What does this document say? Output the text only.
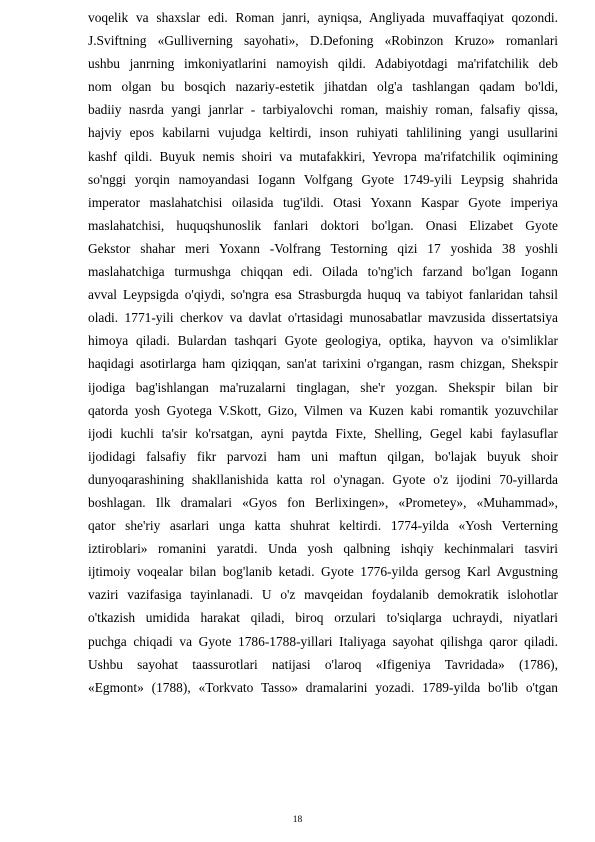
voqelik va shaxslar edi. Roman janri, ayniqsa, Angliyada muvaffaqiyat qozondi.
J.Sviftning «Gulliverning sayohati», D.Defoning «Robinzon Kruzo» romanlari
ushbu janrning imkoniyatlarini namoyish qildi. Adabiyotdagi ma'rifatchilik deb
nom olgan bu bosqich nazariy-estetik jihatdan olg'a tashlangan qadam bo'ldi,
badiiy nasrda yangi janrlar - tarbiyalovchi roman, maishiy roman, falsafiy qissa,
hajviy epos kabilarni vujudga keltirdi, inson ruhiyati tahlilining yangi usullarini
kashf qildi. Buyuk nemis shoiri va mutafakkiri, Yevropa ma'rifatchilik oqimining
so'nggi yorqin namoyandasi Iogann Volfgang Gyote 1749-yili Leypsig shahrida
imperator maslahatchisi oilasida tug'ildi. Otasi Yoxann Kaspar Gyote imperiya
maslahatchisi, huquqshunoslik fanlari doktori bo'lgan. Onasi Elizabet Gyote
Gekstor shahar meri Yoxann -Volfrang Testorning qizi 17 yoshida 38 yoshli
maslahatchiga turmushga chiqqan edi. Oilada to'ng'ich farzand bo'lgan Iogann
avval Leypsigda o'qiydi, so'ngra esa Strasburgda huquq va tabiyot fanlaridan tahsil
oladi. 1771-yili cherkov va davlat o'rtasidagi munosabatlar mavzusida dissertatsiya
himoya qiladi. Bulardan tashqari Gyote geologiya, optika, hayvon va o'simliklar
haqidagi asotirlarga ham qiziqqan, san'at tarixini o'rgangan, rasm chizgan, Shekspir
ijodiga bag'ishlangan ma'ruzalarni tinglagan, she'r yozgan. Shekspir bilan bir
qatorda yosh Gyotega V.Skott, Gizo, Vilmen va Kuzen kabi romantik yozuvchilar
ijodi kuchli ta'sir ko'rsatgan, ayni paytda Fixte, Shelling, Gegel kabi faylasuflar
ijodidagi falsafiy fikr parvozi ham uni maftun qilgan, bo'lajak buyuk shoir
dunyoqarashining shakllanishida katta rol o'ynagan. Gyote o'z ijodini 70-yillarda
boshlagan. Ilk dramalari «Gyos fon Berlixingen», «Prometey», «Muhammad»,
qator she'riy asarlari unga katta shuhrat keltirdi. 1774-yilda «Yosh Verterning
iztiroblari» romanini yaratdi. Unda yosh qalbning ishqiy kechinmalari tasviri
ijtimoiy voqealar bilan bog'lanib ketadi. Gyote 1776-yilda gersog Karl Avgustning
vaziri vazifasiga tayinlanadi. U o'z mavqeidan foydalanib demokratik islohotlar
o'tkazish umidida harakat qiladi, biroq orzulari to'siqlarga uchraydi, niyatlari
puchga chiqadi va Gyote 1786-1788-yillari Italiyaga sayohat qilishga qaror qiladi.
Ushbu sayohat taassurotlari natijasi o'laroq «Ifigeniya Tavridada» (1786),
«Egmont» (1788), «Torkvato Tasso» dramalarini yozadi. 1789-yilda bo'lib o'tgan
18
